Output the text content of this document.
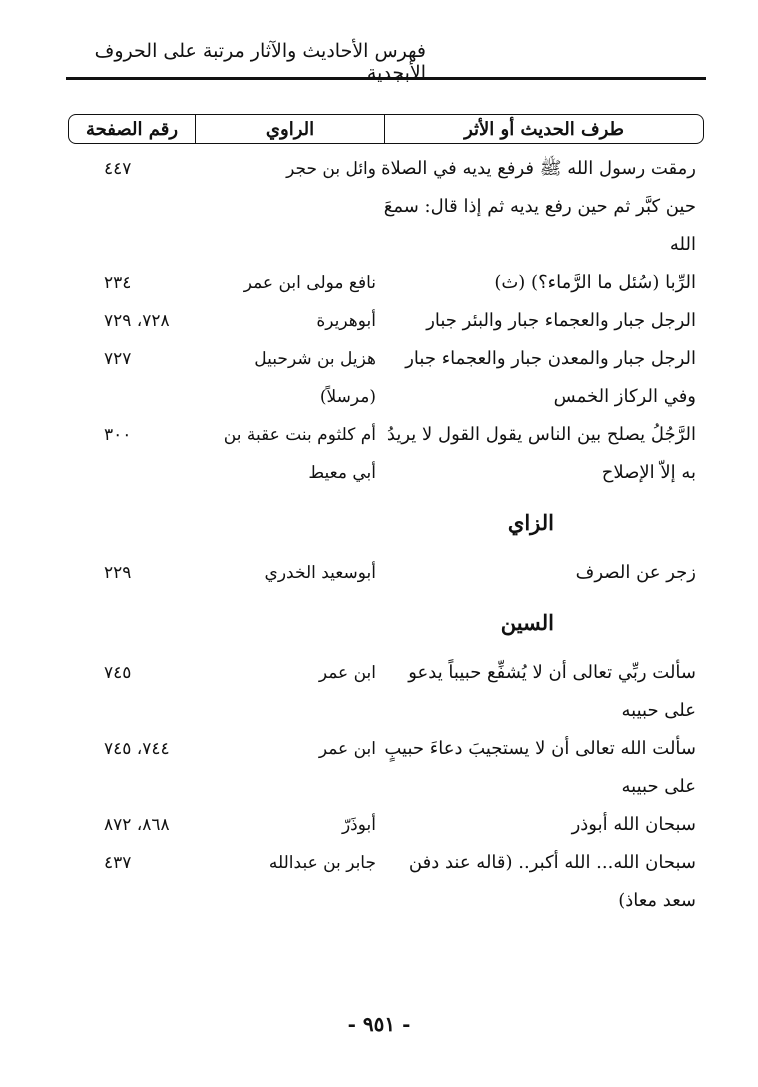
فهرس الأحاديث والآثار مرتبة على الحروف الأبجدية
طرف الحديث أو الأثر
الراوي
رقم الصفحة
رمقت رسول الله ﷺ فرفع يديه في الصلاة
حين كبَّر ثم حين رفع يديه ثم إذا قال: سمعَ
الله
وائل بن حجر
٤٤٧
الرِّبا (سُئل ما الرَّماء؟) (ث)
نافع مولى ابن عمر
٢٣٤
الرجل جبار والعجماء جبار والبئر جبار
أبوهريرة
٧٢٨، ٧٢٩
الرجل جبار والمعدن جبار والعجماء جبار
وفي الركاز الخمس
هزيل بن شرحبيل
(مرسلاً)
٧٢٧
الرَّجُلُ يصلح بين الناس يقول القول لا يريدُ
به إلاّ الإصلاح
أم كلثوم بنت عقبة بن
أبي معيط
٣٠٠
الزاي
زجر عن الصرف
أبوسعيد الخدري
٢٢٩
السين
سألت ربِّي تعالى أن لا يُشفِّع حبيباً يدعو
على حبيبه
ابن عمر
٧٤٥
سألت الله تعالى أن لا يستجيبَ دعاءَ حبيبٍ
على حبيبه
ابن عمر
٧٤٤، ٧٤٥
سبحان الله أبوذر
أبوذَرّ
٨٦٨، ٨٧٢
سبحان الله... الله أكبر.. (قاله عند دفن
سعد معاذ)
جابر بن عبدالله
٤٣٧
- ٩٥١ -
